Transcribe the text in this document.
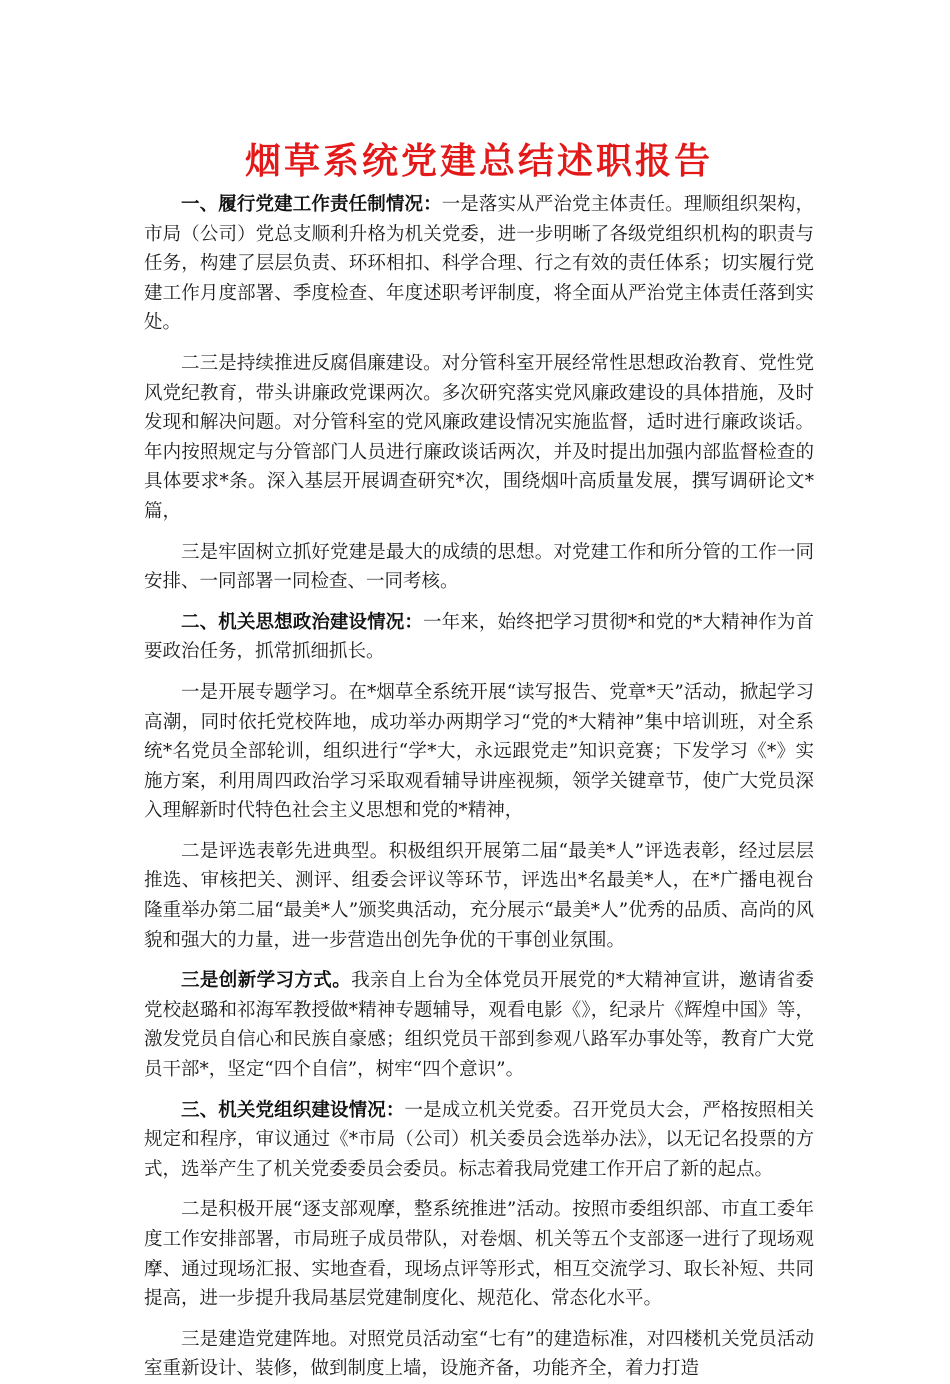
烟草系统党建总结述职报告

一、履行党建工作责任制情况：一是落实从严治党主体责任。理顺组织架构，市局（公司）党总支顺利升格为机关党委，进一步明晰了各级党组织机构的职责与任务，构建了层层负责、环环相扣、科学合理、行之有效的责任体系；切实履行党建工作月度部署、季度检查、年度述职考评制度，将全面从严治党主体责任落到实处。

二三是持续推进反腐倡廉建设。对分管科室开展经常性思想政治教育、党性党风党纪教育，带头讲廉政党课两次。多次研究落实党风廉政建设的具体措施，及时发现和解决问题。对分管科室的党风廉政建设情况实施监督，适时进行廉政谈话。年内按照规定与分管部门人员进行廉政谈话两次，并及时提出加强内部监督检查的具体要求*条。深入基层开展调查研究*次，围绕烟叶高质量发展，撰写调研论文*篇，

三是牢固树立抓好党建是最大的成绩的思想。对党建工作和所分管的工作一同安排、一同部署一同检查、一同考核。

二、机关思想政治建设情况：一年来，始终把学习贯彻*和党的*大精神作为首要政治任务，抓常抓细抓长。

一是开展专题学习。在*烟草全系统开展“读写报告、党章*天”活动，掀起学习高潮，同时依托党校阵地，成功举办两期学习“党的*大精神”集中培训班，对全系统*名党员全部轮训，组织进行“学*大，永远跟党走”知识竞赛；下发学习《*》实施方案，利用周四政治学习采取观看辅导讲座视频，领学关键章节，使广大党员深入理解新时代特色社会主义思想和党的*精神，

二是评选表彰先进典型。积极组织开展第二届“最美*人”评选表彰，经过层层推选、审核把关、测评、组委会评议等环节，评选出*名最美*人，在*广播电视台隆重举办第二届“最美*人”颁奖典活动，充分展示“最美*人”优秀的品质、高尚的风貌和强大的力量，进一步营造出创先争优的干事创业氛围。

三是创新学习方式。我亲自上台为全体党员开展党的*大精神宣讲，邀请省委党校赵璐和祁海军教授做*精神专题辅导，观看电影《》，纪录片《辉煌中国》等，激发党员自信心和民族自豪感；组织党员干部到参观八路军办事处等，教育广大党员干部*，坚定“四个自信”，树牢“四个意识”。

三、机关党组织建设情况：一是成立机关党委。召开党员大会，严格按照相关规定和程序，审议通过《*市局（公司）机关委员会选举办法》，以无记名投票的方式，选举产生了机关党委委员会委员。标志着我局党建工作开启了新的起点。

二是积极开展“逐支部观摩，整系统推进”活动。按照市委组织部、市直工委年度工作安排部署，市局班子成员带队，对卷烟、机关等五个支部逐一进行了现场观摩、通过现场汇报、实地查看，现场点评等形式，相互交流学习、取长补短、共同提高，进一步提升我局基层党建制度化、规范化、常态化水平。

三是建造党建阵地。对照党员活动室“七有”的建造标准，对四楼机关党员活动室重新设计、装修，做到制度上墙，设施齐备，功能齐全，着力打造
